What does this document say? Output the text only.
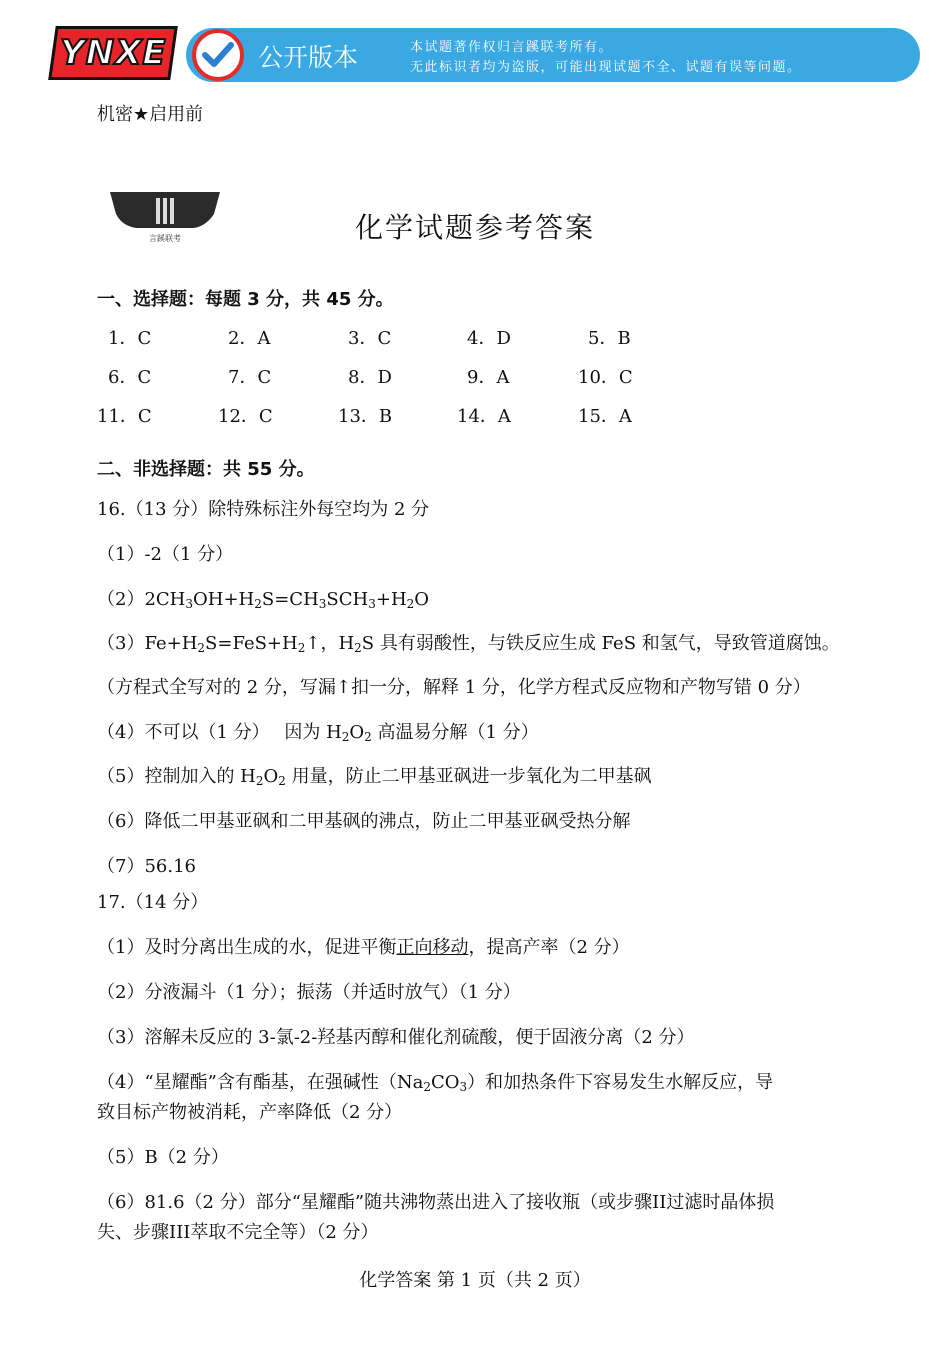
YNXE	公开版本	本试题著作权归言蹊联考所有。
无此标识者均为盗版，可能出现试题不全、试题有误等问题。
机密★启用前
言蹊联考	化学试题参考答案
一、选择题：每题 3 分，共 45 分。
1．C	2．A	3．C	4．D	5．B
6．C	7．C	8．D	9．A	10．C
11．C	12．C	13．B	14．A	15．A
二、非选择题：共 55 分。
16.（13 分）除特殊标注外每空均为 2 分
（1）-2（1 分）
$(2)2CH_3OH+H_2S=CH_3SCH_3+H_2O$
$(3)Fe+H_2S=FeS+H_2↑$，$H_2S$ 具有弱酸性，与铁反应生成 FeS 和氢气，导致管道腐蚀。
（方程式全写对的 2 分，写漏↑扣一分，解释 1 分，化学方程式反应物和产物写错 0 分）
（4）不可以（1 分）　 因为 $H_2O_2$ 高温易分解（1 分）
（5）控制加入的 $H_2O_2$ 用量，防止二甲基亚砜进一步氧化为二甲基砜
（6）降低二甲基亚砜和二甲基砜的沸点，防止二甲基亚砜受热分解
（7）56.16
17.（14 分）
（1）及时分离出生成的水，促进平衡正向移动，提高产率（2 分）
（2）分液漏斗（1 分）；振荡（并适时放气）（1 分）
（3）溶解未反应的 3-氯-2-羟基丙醇和催化剂硫酸，便于固液分离（2 分）
（4）“星耀酯”含有酯基，在强碱性$(Na_2CO_3)$和加热条件下容易发生水解反应，导
致目标产物被消耗，产率降低（2 分）
（5）B（2 分）
（6）81.6（2 分）部分“星耀酯”随共沸物蒸出进入了接收瓶（或步骤II过滤时晶体损
失、步骤III萃取不完全等）（2 分）
化学答案 第 1 页（共 2 页）
